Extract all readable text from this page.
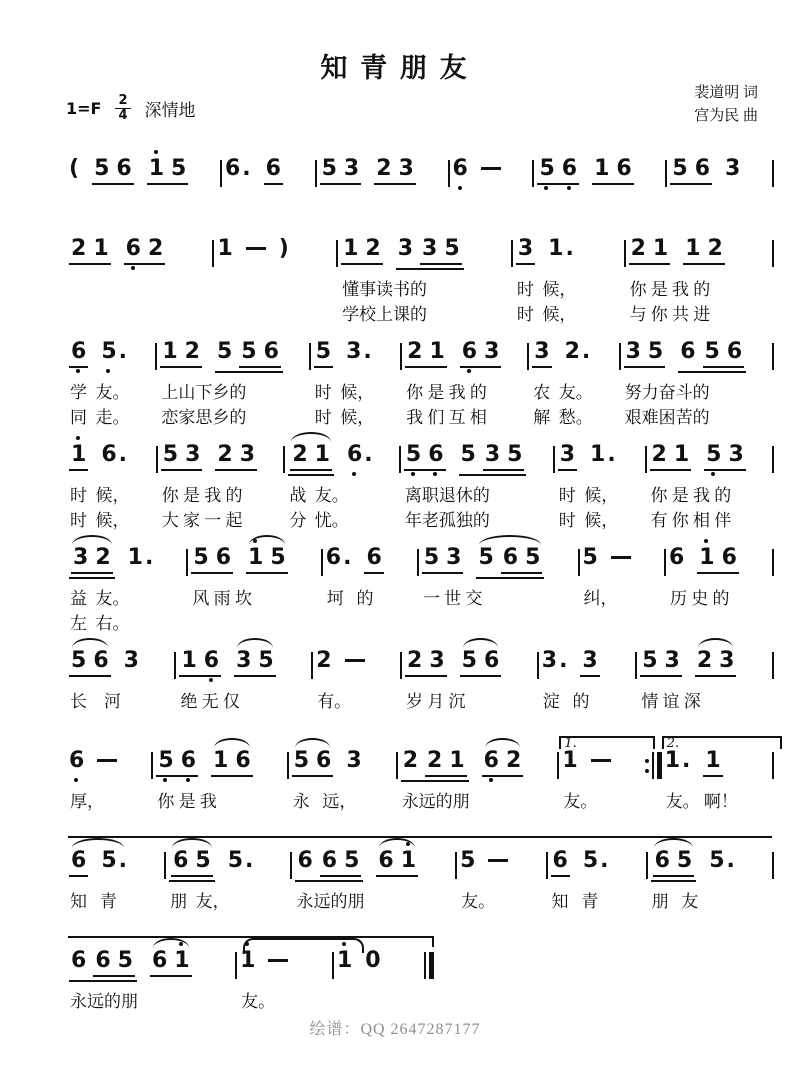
知 青 朋 友
裴道明 词
宫为民 曲
$1=F \frac{2}{4}$ 深情地
( 5 6 1 5 6 . 6 5 3 2 3 6	5 6 1 6 5 6 3
2 1 6 2

1 )

1 2 3 3 5
懂事读书的
学校上课的
3 1 .
时  候，
时  候，
2 1 1 2
你 是 我 的
与 你 共 进
6 5 .
学  友。
同  走。
1 2 5 5 6
上山下乡的
恋家思乡的
5 3 .
时  候，
时  候，
2 1 6 3
你 是 我 的
我 们 互 相
3 2 .
农  友。
解  愁。
3 5 6 5 6
努力奋斗的
艰难困苦的
1 6 .
时  候，
时  候，
5 3 2 3
你 是 我 的
大 家 一 起
2 1 6 .
战  友。
分  忧。
5 6 5 3 5
离职退休的
年老孤独的
3 1 .
时  候，
时  候，
2 1 5 3
你 是 我 的
有 你 相 伴
3 2 1 .
益  友。
左  右。
5 6 1 5
风 雨 坎

6 . 6
坷   的

5 3 5 6 5
一 世 交

5
纠，

6 1 6
历 史 的

5 6 3
长    河
1 6 3 5
绝 无 仅
2
有。
2 3 5 6
岁 月 沉
3 . 3
淀   的
5 3 2 3
情 谊 深
6
厚，
5 6 1 6
你 是 我
5 6 3
永   远，
2 2 1 6 2
永远的朋
1.
1
友。
2.
1 . 1
友。 啊！
6 5 .
知   青
6 5 5 .
朋  友，
6 6 5 6 1
永远的朋
5
友。
6 5 .
知   青
6 5 5 .
朋   友
6 6 5 6 1
永远的朋
1
友。
1 0

绘谱：QQ 2647287177
